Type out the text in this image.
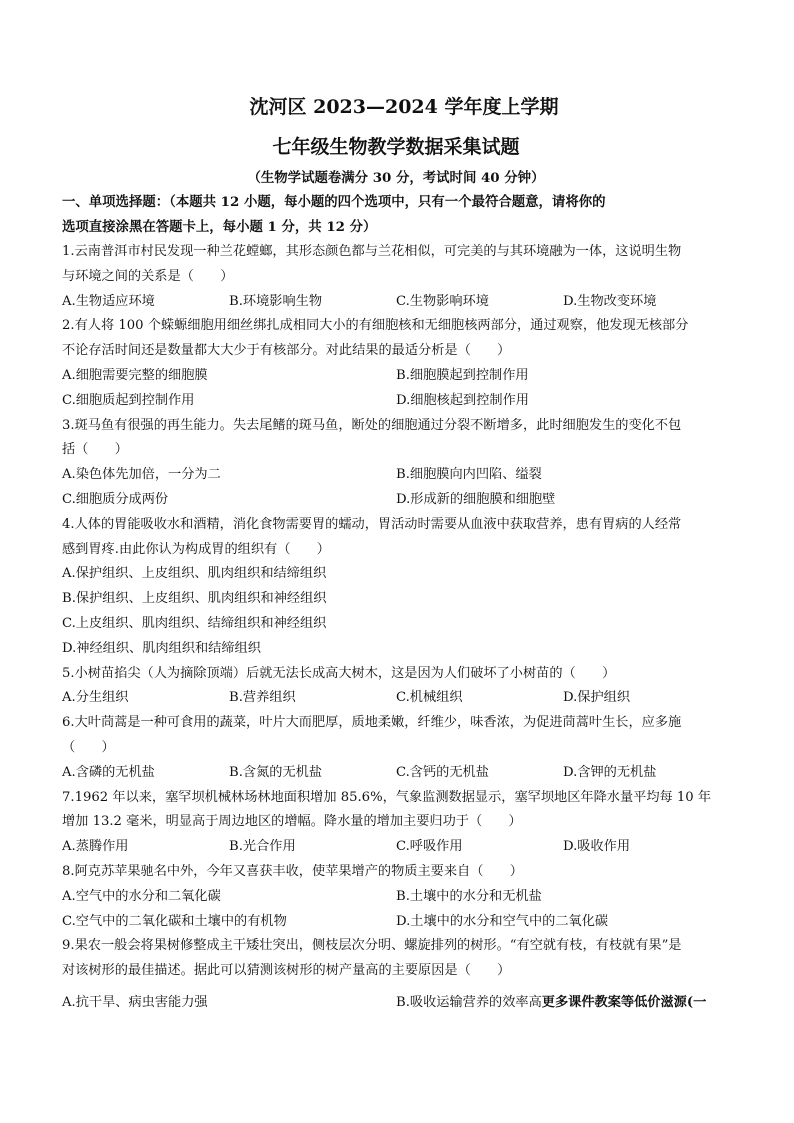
沈河区 2023—2024 学年度上学期
七年级生物教学数据采集试题
（生物学试题卷满分 30 分，考试时间 40 分钟）
一、单项选择题：（本题共 12 小题，每小题的四个选项中，只有一个最符合题意，请将你的
选项直接涂黑在答题卡上，每小题 1 分，共 12 分）
1.云南普洱市村民发现一种兰花螳螂，其形态颜色都与兰花相似，可完美的与其环境融为一体，这说明生物
与环境之间的关系是（　　）
A.生物适应环境	B.环境影响生物	C.生物影响环境	D.生物改变环境
2.有人将 100 个蝾螈细胞用细丝绑扎成相同大小的有细胞核和无细胞核两部分，通过观察，他发现无核部分
不论存活时间还是数量都大大少于有核部分。对此结果的最适分析是（　　）
A.细胞需要完整的细胞膜	B.细胞膜起到控制作用
C.细胞质起到控制作用	D.细胞核起到控制作用
3.斑马鱼有很强的再生能力。失去尾鳍的斑马鱼，断处的细胞通过分裂不断增多，此时细胞发生的变化不包
括（　　）
A.染色体先加倍，一分为二	B.细胞膜向内凹陷、缢裂
C.细胞质分成两份	D.形成新的细胞膜和细胞壁
4.人体的胃能吸收水和酒精，消化食物需要胃的蠕动，胃活动时需要从血液中获取营养，患有胃病的人经常
感到胃疼.由此你认为构成胃的组织有（　　）
A.保护组织、上皮组织、肌肉组织和结缔组织
B.保护组织、上皮组织、肌肉组织和神经组织
C.上皮组织、肌肉组织、结缔组织和神经组织
D.神经组织、肌肉组织和结缔组织
5.小树苗掐尖（人为摘除顶端）后就无法长成高大树木，这是因为人们破坏了小树苗的（　　）
A.分生组织	B.营养组织	C.机械组织	D.保护组织
6.大叶茼蒿是一种可食用的蔬菜，叶片大而肥厚，质地柔嫩，纤维少，味香浓，为促进茼蒿叶生长，应多施
（　　）
A.含磷的无机盐	B.含氮的无机盐	C.含钙的无机盐	D.含钾的无机盐
7.1962 年以来，塞罕坝机械林场林地面积增加 85.6%，气象监测数据显示，塞罕坝地区年降水量平均每 10 年
增加 13.2 毫米，明显高于周边地区的增幅。降水量的增加主要归功于（　　）
A.蒸腾作用	B.光合作用	C.呼吸作用	D.吸收作用
8.阿克苏苹果驰名中外，今年又喜获丰收，使苹果增产的物质主要来自（　　）
A.空气中的水分和二氧化碳	B.土壤中的水分和无机盐
C.空气中的二氧化碳和土壤中的有机物	D.土壤中的水分和空气中的二氧化碳
9.果农一般会将果树修整成主干矮壮突出，侧枝层次分明、螺旋排列的树形。“有空就有枝，有枝就有果”是
对该树形的最佳描述。据此可以猜测该树形的树产量高的主要原因是（　　）
A.抗干旱、病虫害能力强	B.吸收运输营养的效率高更多课件教案等低价滋源(一
